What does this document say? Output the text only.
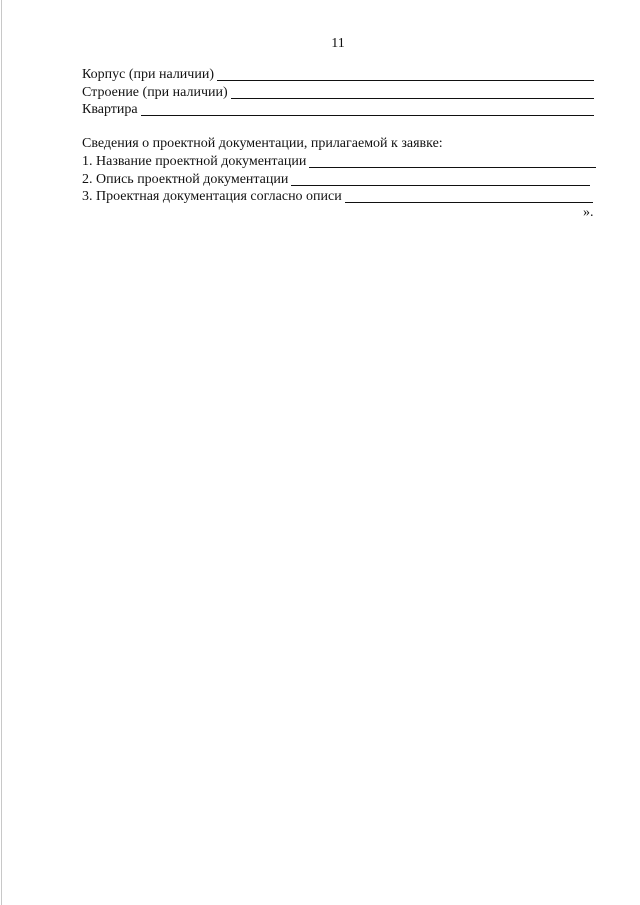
11
Корпус (при наличии)
Строение (при наличии)
Квартира
Сведения о проектной документации, прилагаемой к заявке:
1. Название проектной документации
2. Опись проектной документации
3. Проектная документация согласно описи
».
